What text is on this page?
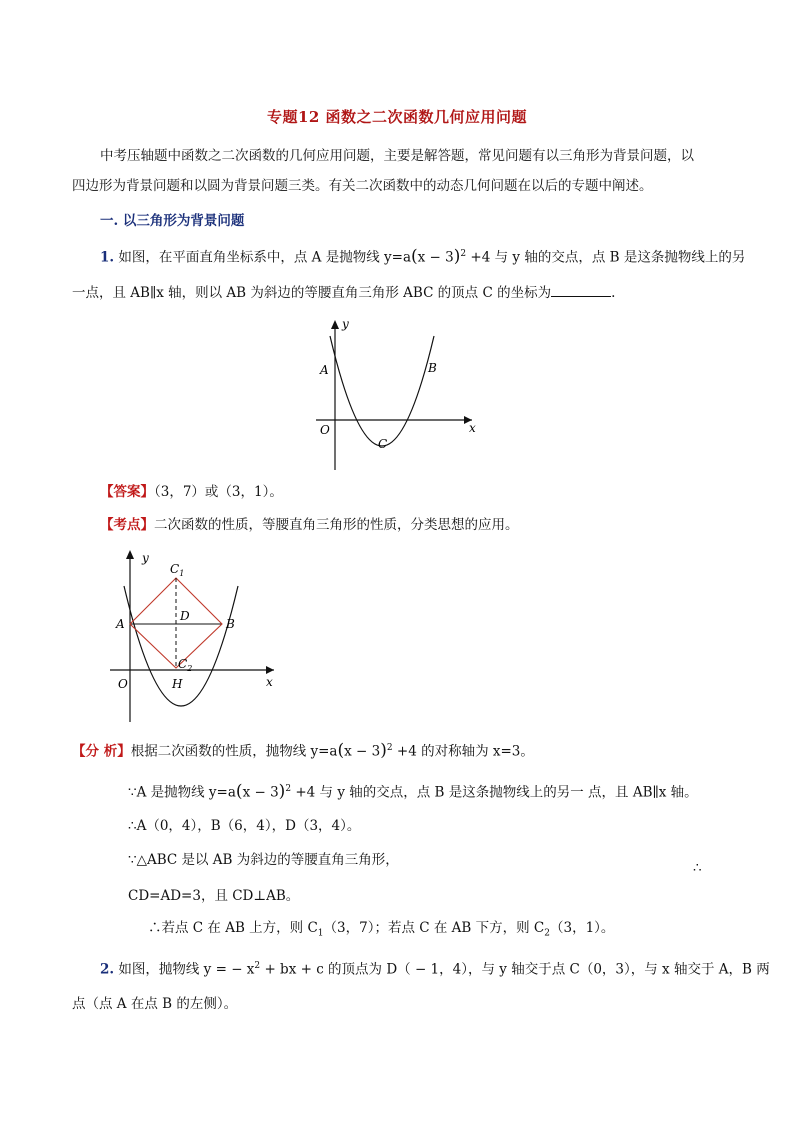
专题12 函数之二次函数几何应用问题
中考压轴题中函数之二次函数的几何应用问题，主要是解答题，常见问题有以三角形为背景问题，以
四边形为背景问题和以圆为背景问题三类。有关二次函数中的动态几何问题在以后的专题中阐述。
一. 以三角形为背景问题
1. 如图，在平面直角坐标系中，点 A 是抛物线 $y=a(x - 3)^2 +4$ 与 y 轴的交点，点 B 是这条抛物线上的另
一点，且 AB∥x 轴，则以 AB 为斜边的等腰直角三角形 ABC 的顶点 C 的坐标为	.
y
x
O
A	B
C
【答案】（3，7）或（3，1）。
【考点】二次函数的性质，等腰直角三角形的性质，分类思想的应用。
y
x
O	H
A	B
D
$C_1$
$C_2$
【分 析】根据二次函数的性质，抛物线 $y=a(x - 3)^2 +4$ 的对称轴为 x=3。
∵A 是抛物线 $y=a(x - 3)^2 +4$ 与 y 轴的交点，点 B 是这条抛物线上的另一 点，且 AB∥x 轴。
∴A（0，4），B（6，4），D（3，4）。
∵△ABC 是以 AB 为斜边的等腰直角三角形，	∴
CD=AD=3，且 CD⊥AB。
∴若点 C 在 AB 上方，则 $C_1(3$，7）；若点 C 在 AB 下方，则 $C_2(3$，1）。
2. 如图，抛物线 y = − $x^2$ + bx + c 的顶点为 D（ − 1，4），与 y 轴交于点 C（0，3），与 x 轴交于 A，B 两
点（点 A 在点 B 的左侧）。
